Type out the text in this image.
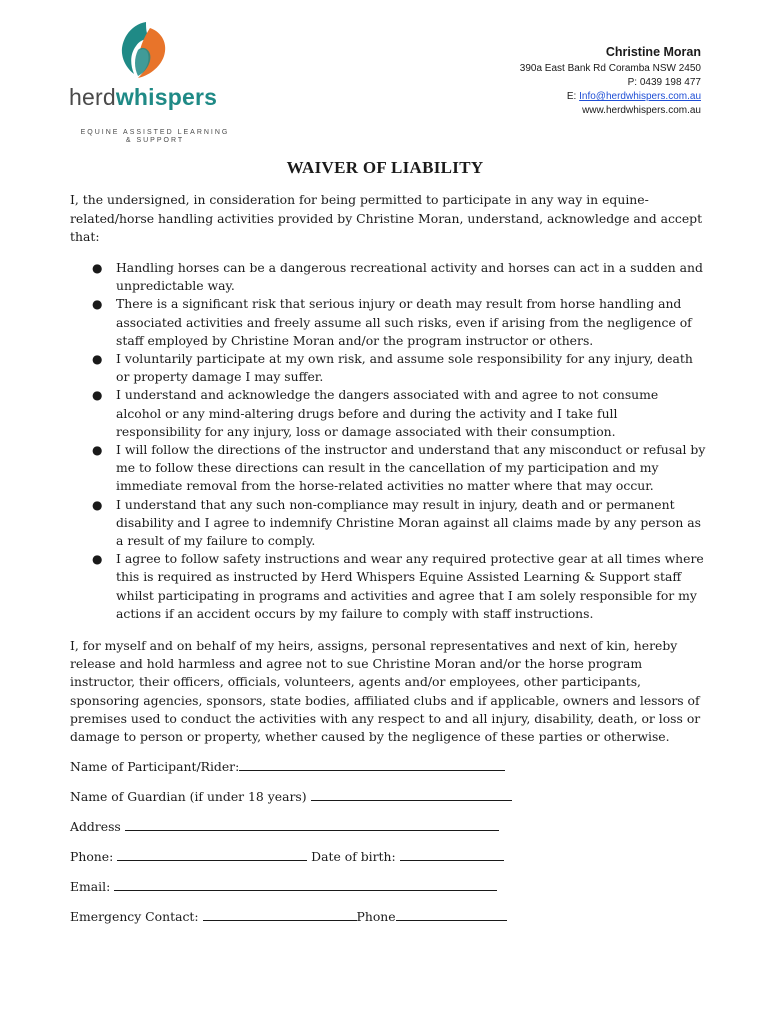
herdwhispers
EQUINE ASSISTED LEARNING
& SUPPORT
Christine Moran
390a East Bank Rd Coramba NSW 2450
P: 0439 198 477
E: Info@herdwhispers.com.au
www.herdwhispers.com.au
WAIVER OF LIABILITY
I, the undersigned, in consideration for being permitted to participate in any way in equine-related/horse handling activities provided by Christine Moran, understand, acknowledge and accept that:
● Handling horses can be a dangerous recreational activity and horses can act in a sudden and unpredictable way.
● There is a significant risk that serious injury or death may result from horse handling and associated activities and freely assume all such risks, even if arising from the negligence of staff employed by Christine Moran and/or the program instructor or others.
● I voluntarily participate at my own risk, and assume sole responsibility for any injury, death or property damage I may suffer.
● I understand and acknowledge the dangers associated with and agree to not consume alcohol or any mind-altering drugs before and during the activity and I take full responsibility for any injury, loss or damage associated with their consumption.
● I will follow the directions of the instructor and understand that any misconduct or refusal by me to follow these directions can result in the cancellation of my participation and my immediate removal from the horse-related activities no matter where that may occur.
● I understand that any such non-compliance may result in injury, death and or permanent disability and I agree to indemnify Christine Moran against all claims made by any person as a result of my failure to comply.
● I agree to follow safety instructions and wear any required protective gear at all times where this is required as instructed by Herd Whispers Equine Assisted Learning & Support staff whilst participating in programs and activities and agree that I am solely responsible for my actions if an accident occurs by my failure to comply with staff instructions.
I, for myself and on behalf of my heirs, assigns, personal representatives and next of kin, hereby release and hold harmless and agree not to sue Christine Moran and/or the horse program instructor, their officers, officials, volunteers, agents and/or employees, other participants, sponsoring agencies, sponsors, state bodies, affiliated clubs and if applicable, owners and lessors of premises used to conduct the activities with any respect to and all injury, disability, death, or loss or damage to person or property, whether caused by the negligence of these parties or otherwise.
Name of Participant/Rider:
Name of Guardian (if under 18 years)
Address
Phone:	Date of birth:
Email:
Emergency Contact:	Phone
